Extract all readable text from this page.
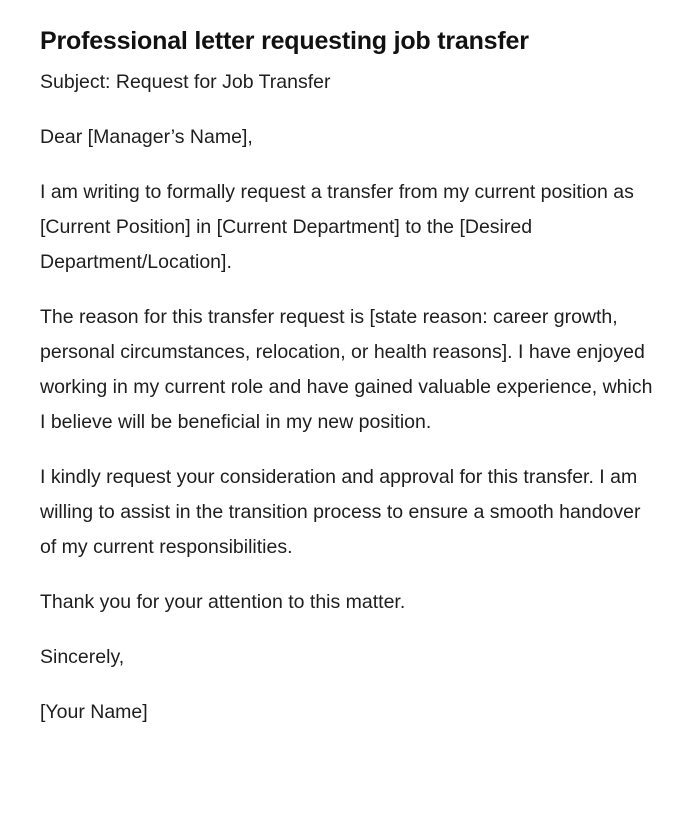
Professional letter requesting job transfer

Subject: Request for Job Transfer

Dear [Manager’s Name],

I am writing to formally request a transfer from my current position as [Current Position] in [Current Department] to the [Desired Department/Location].

The reason for this transfer request is [state reason: career growth, personal circumstances, relocation, or health reasons]. I have enjoyed working in my current role and have gained valuable experience, which I believe will be beneficial in my new position.

I kindly request your consideration and approval for this transfer. I am willing to assist in the transition process to ensure a smooth handover of my current responsibilities.

Thank you for your attention to this matter.

Sincerely,

[Your Name]
